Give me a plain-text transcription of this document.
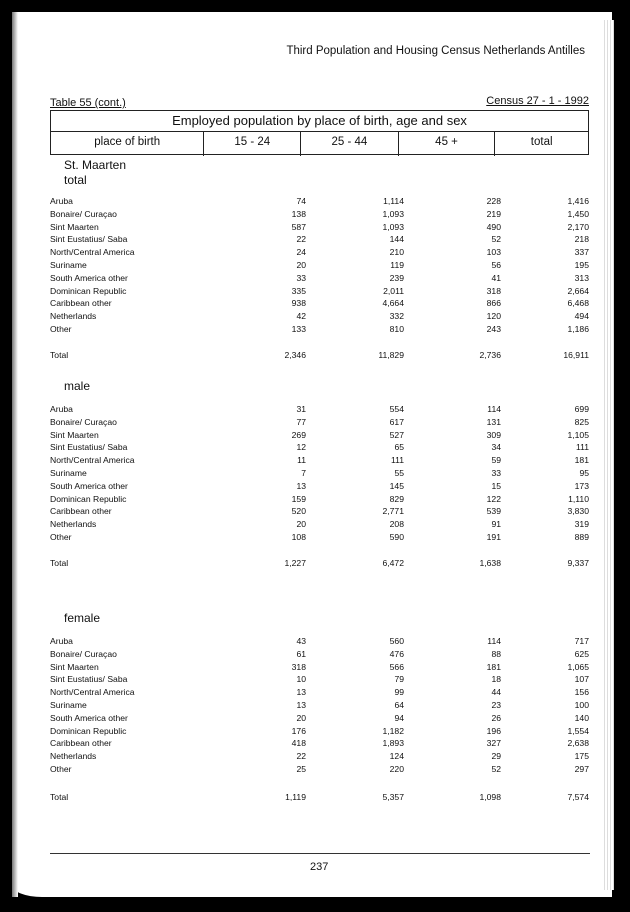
Third Population and Housing Census Netherlands Antilles
Table 55 (cont.)	Census 27 - 1 - 1992
Employed population by place of birth, age and sex
place of birth	15 - 24	25 - 44	45 +	total
St. Maarten
total
Aruba	74	1,114	228	1,416
Bonaire/ Curaçao	138	1,093	219	1,450
Sint Maarten	587	1,093	490	2,170
Sint Eustatius/ Saba	22	144	52	218
North/Central America	24	210	103	337
Suriname	20	119	56	195
South America other	33	239	41	313
Dominican Republic	335	2,011	318	2,664
Caribbean other	938	4,664	866	6,468
Netherlands	42	332	120	494
Other	133	810	243	1,186
Total	2,346	11,829	2,736	16,911
male
Aruba	31	554	114	699
Bonaire/ Curaçao	77	617	131	825
Sint Maarten	269	527	309	1,105
Sint Eustatius/ Saba	12	65	34	111
North/Central America	11	111	59	181
Suriname	7	55	33	95
South America other	13	145	15	173
Dominican Republic	159	829	122	1,110
Caribbean other	520	2,771	539	3,830
Netherlands	20	208	91	319
Other	108	590	191	889
Total	1,227	6,472	1,638	9,337
female
Aruba	43	560	114	717
Bonaire/ Curaçao	61	476	88	625
Sint Maarten	318	566	181	1,065
Sint Eustatius/ Saba	10	79	18	107
North/Central America	13	99	44	156
Suriname	13	64	23	100
South America other	20	94	26	140
Dominican Republic	176	1,182	196	1,554
Caribbean other	418	1,893	327	2,638
Netherlands	22	124	29	175
Other	25	220	52	297
Total	1,119	5,357	1,098	7,574
237
